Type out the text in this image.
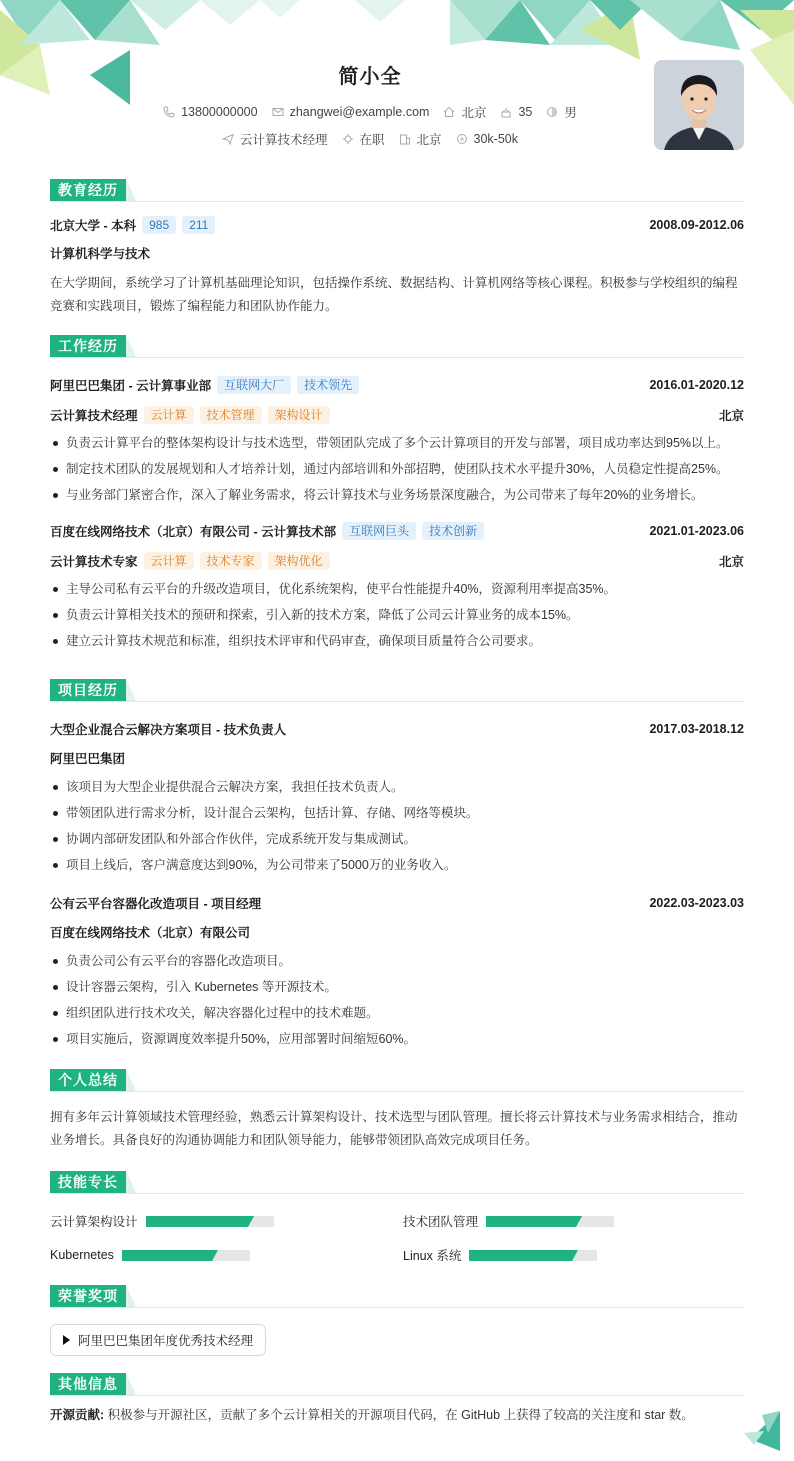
简小全
13800000000	zhangwei@example.com	北京	35	男
云计算技术经理	在职	北京	30k-50k
教育经历
北京大学 - 本科	985	211	2008.09-2012.06
计算机科学与技术
在大学期间，系统学习了计算机基础理论知识，包括操作系统、数据结构、计算机网络等核心课程。积极参与学校组织的编程竞赛和实践项目，锻炼了编程能力和团队协作能力。
工作经历
阿里巴巴集团 - 云计算事业部	互联网大厂	技术领先	2016.01-2020.12
云计算技术经理	云计算	技术管理	架构设计	北京
负责云计算平台的整体架构设计与技术选型，带领团队完成了多个云计算项目的开发与部署，项目成功率达到95%以上。
制定技术团队的发展规划和人才培养计划，通过内部培训和外部招聘，使团队技术水平提升30%，人员稳定性提高25%。
与业务部门紧密合作，深入了解业务需求，将云计算技术与业务场景深度融合，为公司带来了每年20%的业务增长。
百度在线网络技术（北京）有限公司 - 云计算技术部	互联网巨头	技术创新	2021.01-2023.06
云计算技术专家	云计算	技术专家	架构优化	北京
主导公司私有云平台的升级改造项目，优化系统架构，使平台性能提升40%，资源利用率提高35%。
负责云计算相关技术的预研和探索，引入新的技术方案，降低了公司云计算业务的成本15%。
建立云计算技术规范和标准，组织技术评审和代码审查，确保项目质量符合公司要求。
项目经历
大型企业混合云解决方案项目 - 技术负责人	2017.03-2018.12
阿里巴巴集团
该项目为大型企业提供混合云解决方案，我担任技术负责人。
带领团队进行需求分析，设计混合云架构，包括计算、存储、网络等模块。
协调内部研发团队和外部合作伙伴，完成系统开发与集成测试。
项目上线后，客户满意度达到90%，为公司带来了5000万的业务收入。
公有云平台容器化改造项目 - 项目经理	2022.03-2023.03
百度在线网络技术（北京）有限公司
负责公司公有云平台的容器化改造项目。
设计容器云架构，引入 Kubernetes 等开源技术。
组织团队进行技术攻关，解决容器化过程中的技术难题。
项目实施后，资源调度效率提升50%，应用部署时间缩短60%。
个人总结
拥有多年云计算领域技术管理经验，熟悉云计算架构设计、技术选型与团队管理。擅长将云计算技术与业务需求相结合，推动业务增长。具备良好的沟通协调能力和团队领导能力，能够带领团队高效完成项目任务。
技能专长
云计算架构设计	技术团队管理
Kubernetes	Linux 系统
荣誉奖项
阿里巴巴集团年度优秀技术经理
其他信息
开源贡献: 积极参与开源社区，贡献了多个云计算相关的开源项目代码，在 GitHub 上获得了较高的关注度和 star 数。
